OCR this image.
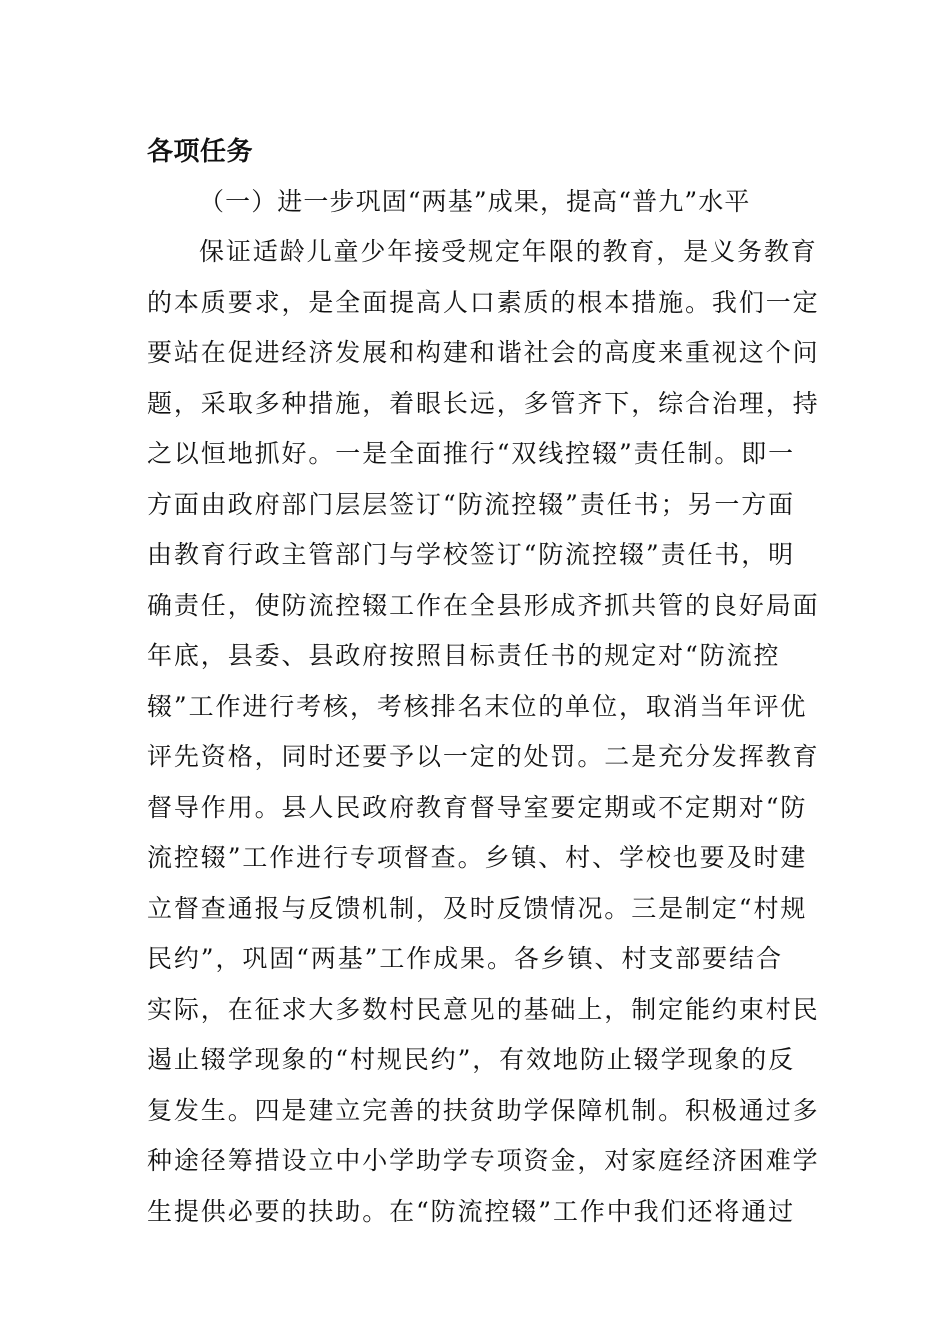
各项任务
（一）进一步巩固“两基”成果，提高“普九”水平
保证适龄儿童少年接受规定年限的教育，是义务教育
的本质要求，是全面提高人口素质的根本措施。我们一定
要站在促进经济发展和构建和谐社会的高度来重视这个问
题，采取多种措施，着眼长远，多管齐下，综合治理，持
之以恒地抓好。一是全面推行“双线控辍”责任制。即一
方面由政府部门层层签订“防流控辍”责任书；另一方面
由教育行政主管部门与学校签订“防流控辍”责任书，明
确责任，使防流控辍工作在全县形成齐抓共管的良好局面
年底，县委、县政府按照目标责任书的规定对“防流控
辍”工作进行考核，考核排名末位的单位，取消当年评优
评先资格，同时还要予以一定的处罚。二是充分发挥教育
督导作用。县人民政府教育督导室要定期或不定期对“防
流控辍”工作进行专项督查。乡镇、村、学校也要及时建
立督查通报与反馈机制，及时反馈情况。三是制定“村规
民约”，巩固“两基”工作成果。各乡镇、村支部要结合
实际，在征求大多数村民意见的基础上，制定能约束村民
遏止辍学现象的“村规民约”，有效地防止辍学现象的反
复发生。四是建立完善的扶贫助学保障机制。积极通过多
种途径筹措设立中小学助学专项资金，对家庭经济困难学
生提供必要的扶助。在“防流控辍”工作中我们还将通过
